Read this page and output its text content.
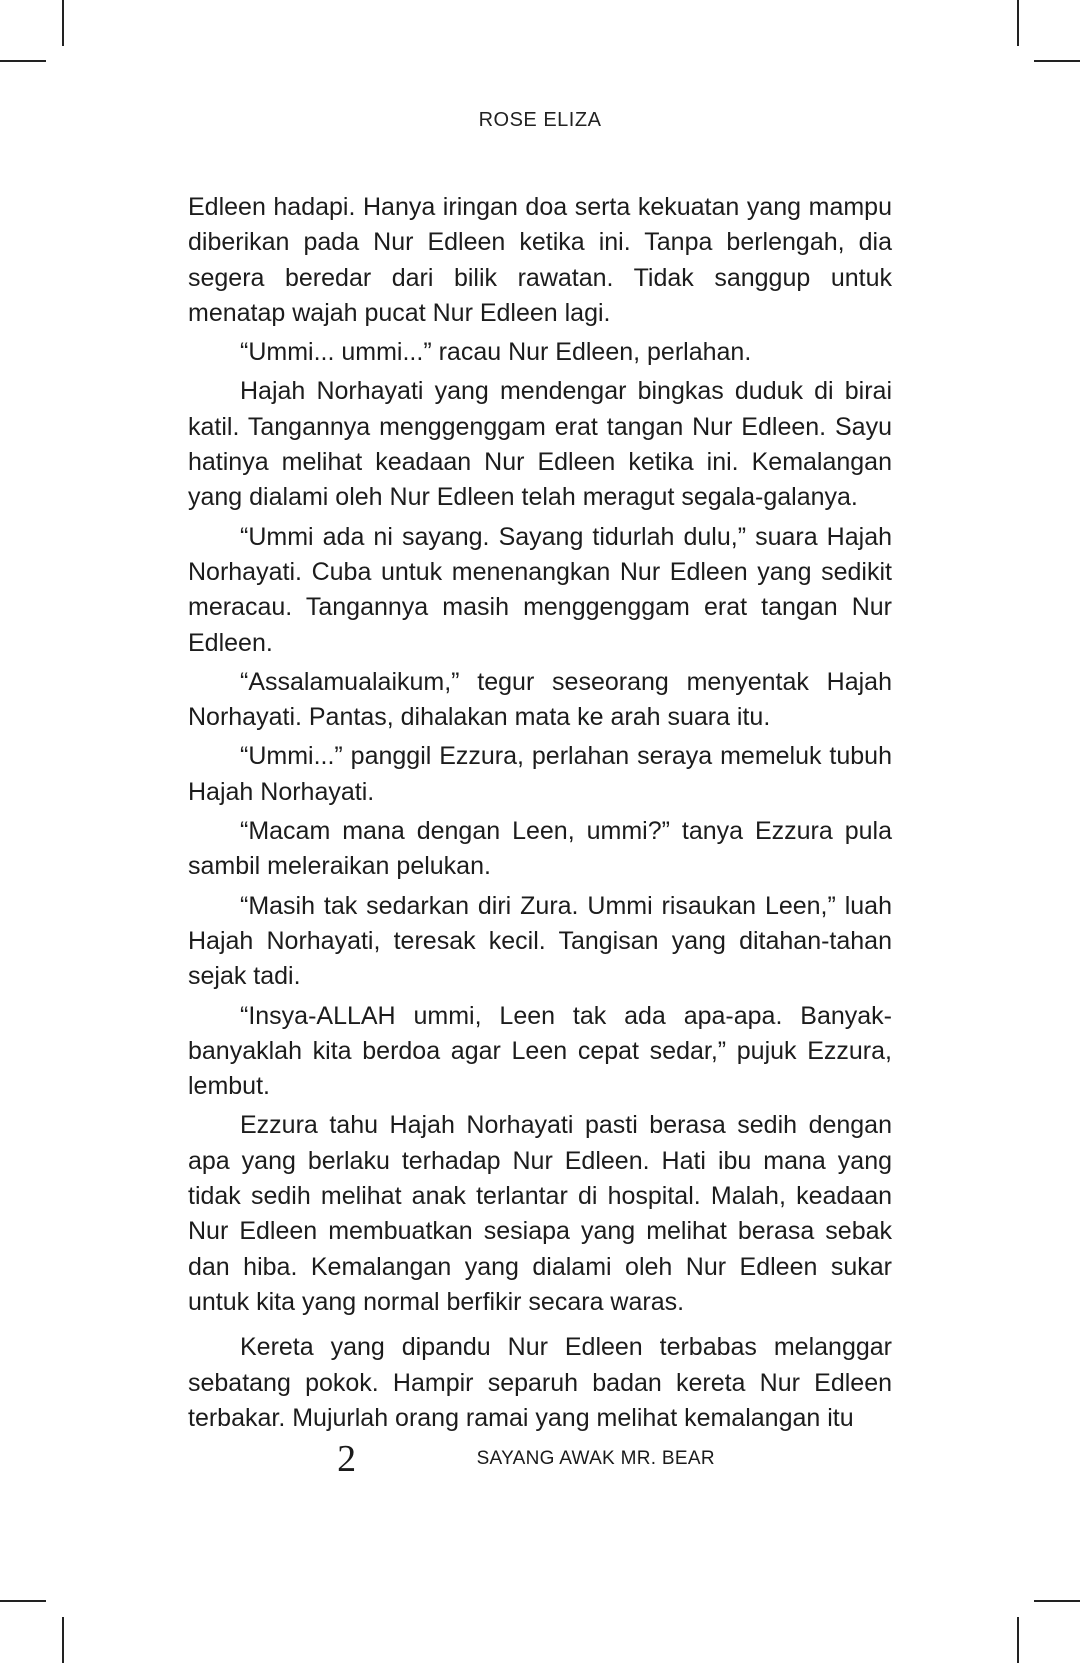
ROSE ELIZA

Edleen hadapi. Hanya iringan doa serta kekuatan yang mampu diberikan pada Nur Edleen ketika ini. Tanpa berlengah, dia segera beredar dari bilik rawatan. Tidak sanggup untuk menatap wajah pucat Nur Edleen lagi.

“Ummi... ummi...” racau Nur Edleen, perlahan.

Hajah Norhayati yang mendengar bingkas duduk di birai katil. Tangannya menggenggam erat tangan Nur Edleen. Sayu hatinya melihat keadaan Nur Edleen ketika ini. Kemalangan yang dialami oleh Nur Edleen telah meragut segala-galanya.

“Ummi ada ni sayang. Sayang tidurlah dulu,” suara Hajah Norhayati. Cuba untuk menenangkan Nur Edleen yang sedikit meracau. Tangannya masih menggenggam erat tangan Nur Edleen.

“Assalamualaikum,” tegur seseorang menyentak Hajah Norhayati. Pantas, dihalakan mata ke arah suara itu.

“Ummi...” panggil Ezzura, perlahan seraya memeluk tubuh Hajah Norhayati.

“Macam mana dengan Leen, ummi?” tanya Ezzura pula sambil meleraikan pelukan.

“Masih tak sedarkan diri Zura. Ummi risaukan Leen,” luah Hajah Norhayati, teresak kecil. Tangisan yang ditahan-tahan sejak tadi.

“Insya-ALLAH ummi, Leen tak ada apa-apa. Banyak-banyaklah kita berdoa agar Leen cepat sedar,” pujuk Ezzura, lembut.

Ezzura tahu Hajah Norhayati pasti berasa sedih dengan apa yang berlaku terhadap Nur Edleen. Hati ibu mana yang tidak sedih melihat anak terlantar di hospital. Malah, keadaan Nur Edleen membuatkan sesiapa yang melihat berasa sebak dan hiba. Kemalangan yang dialami oleh Nur Edleen sukar untuk kita yang normal berfikir secara waras.

Kereta yang dipandu Nur Edleen terbabas melanggar sebatang pokok. Hampir separuh badan kereta Nur Edleen terbakar. Mujurlah orang ramai yang melihat kemalangan itu

2	SAYANG AWAK MR. BEAR
